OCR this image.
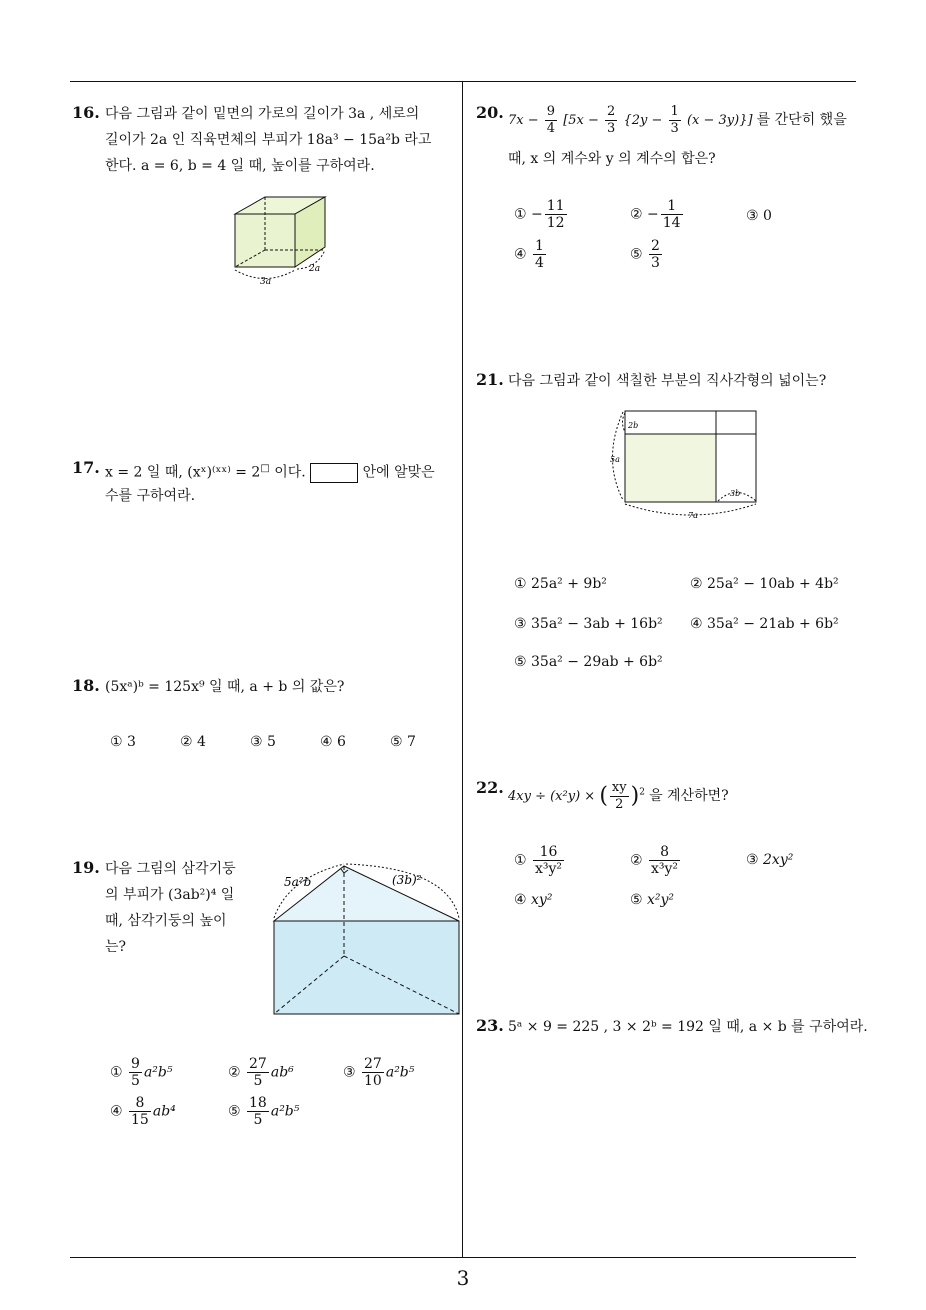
3
16. 다음 그림과 같이 밑면의 가로의 길이가 3a , 세로의
길이가 2a 인 직육면체의 부피가 18a³ − 15a²b 라고
한다. a = 6, b = 4 일 때, 높이를 구하여라.
3a
2a
17. x = 2 일 때, (xˣ)⁽ˣˣ⁾ = 2□ 이다.	안에 알맞은
수를 구하여라.
18. (5xᵃ)ᵇ = 125x⁹ 일 때, a + b 의 값은?
① 3	② 4	③ 5	④ 6	⑤ 7
19. 다음 그림의 삼각기둥
의 부피가 (3ab²)⁴ 일
때, 삼각기둥의 높이
는?
5a²b	(3b)²
① $\frac{9}{5} a^2b^5$	② $\frac{27}{5} ab^6$	③ $\frac{27}{10} a^2b^5$
④ $\frac{8}{15} ab^4$	⑤ $\frac{18}{5} a^2b^5$
20. $7x - \frac{9}{4} [5x - \frac{2}{3} \{2y - \frac{1}{3} (x - 3y)\}]$ 를 간단히 했을
때, x 의 계수와 y 의 계수의 합은?
① − $\frac{11}{12}$	② − $\frac{1}{14}$	③ 0
④ $\frac{1}{4}$	⑤ $\frac{2}{3}$
21. 다음 그림과 같이 색칠한 부분의 직사각형의 넓이는?
2b
5a
3b
7a
① 25a² + 9b²	② 25a² − 10ab + 4b²
③ 35a² − 3ab + 16b² ④ 35a² − 21ab + 6b²
⑤ 35a² − 29ab + 6b²
22. 4xy ÷ (x²y) × ( $\frac{xy}{2} )^2$ 을 계산하면?
① $\frac{16}{\text{x³y²}}$	② $\frac{8}{\text{x³y²}}$	③ 2xy²
④ xy²	⑤ x²y²
23. 5ᵃ × 9 = 225 , 3 × 2ᵇ = 192 일 때, a × b 를 구하여라.
